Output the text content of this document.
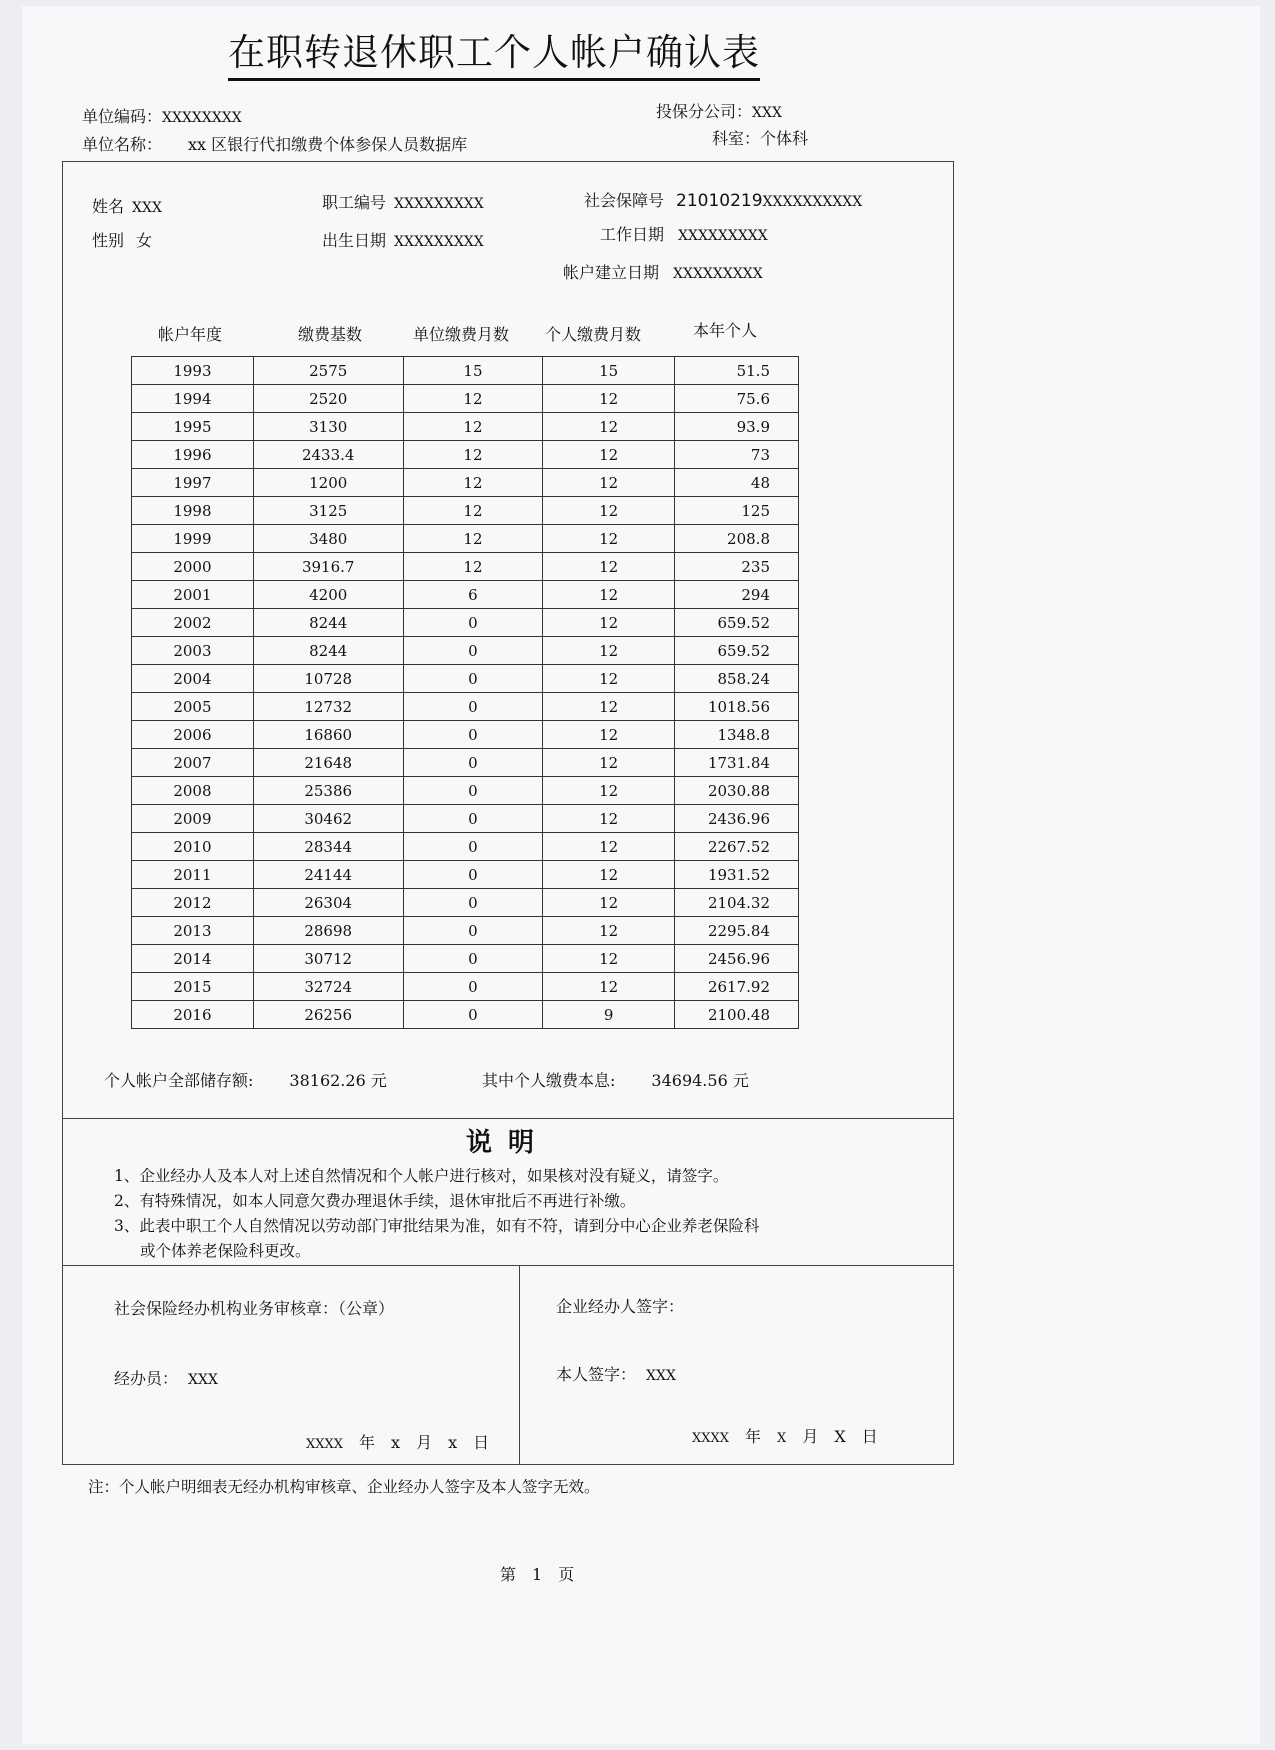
在职转退休职工个人帐户确认表
单位编码：XXXXXXXX
单位名称： xx 区银行代扣缴费个体参保人员数据库
投保分公司：XXX
科室：个体科
姓名 XXX
性别 女
职工编号 XXXXXXXXX
出生日期 XXXXXXXXX
社会保障号 21010219XXXXXXXXXX
工作日期 XXXXXXXXX
帐户建立日期 XXXXXXXXX
帐户年度	缴费基数	单位缴费月数 个人缴费月数	本年个人
1993	2575	15	15	51.5
1994	2520	12	12	75.6
1995	3130	12	12	93.9
1996	2433.4	12	12	73
1997	1200	12	12	48
1998	3125	12	12	125
1999	3480	12	12	208.8
2000	3916.7	12	12	235
2001	4200	6	12	294
2002	8244	0	12	659.52
2003	8244	0	12	659.52
2004	10728	0	12	858.24
2005	12732	0	12	1018.56
2006	16860	0	12	1348.8
2007	21648	0	12	1731.84
2008	25386	0	12	2030.88
2009	30462	0	12	2436.96
2010	28344	0	12	2267.52
2011	24144	0	12	1931.52
2012	26304	0	12	2104.32
2013	28698	0	12	2295.84
2014	30712	0	12	2456.96
2015	32724	0	12	2617.92
2016	26256	0	9	2100.48
个人帐户全部储存额: 38162.26 元	其中个人缴费本息: 34694.56 元
说明
1、企业经办人及本人对上述自然情况和个人帐户进行核对，如果核对没有疑义，请签字。
2、有特殊情况，如本人同意欠费办理退休手续，退休审批后不再进行补缴。
3、此表中职工个人自然情况以劳动部门审批结果为准，如有不符，请到分中心企业养老保险科
或个体养老保险科更改。
社会保险经办机构业务审核章：（公章）
经办员： XXX
企业经办人签字：
本人签字： XXX
XXXX 年 x 月 x 日	XXXX 年 X 月 X 日
注：个人帐户明细表无经办机构审核章、企业经办人签字及本人签字无效。
第 1 页
